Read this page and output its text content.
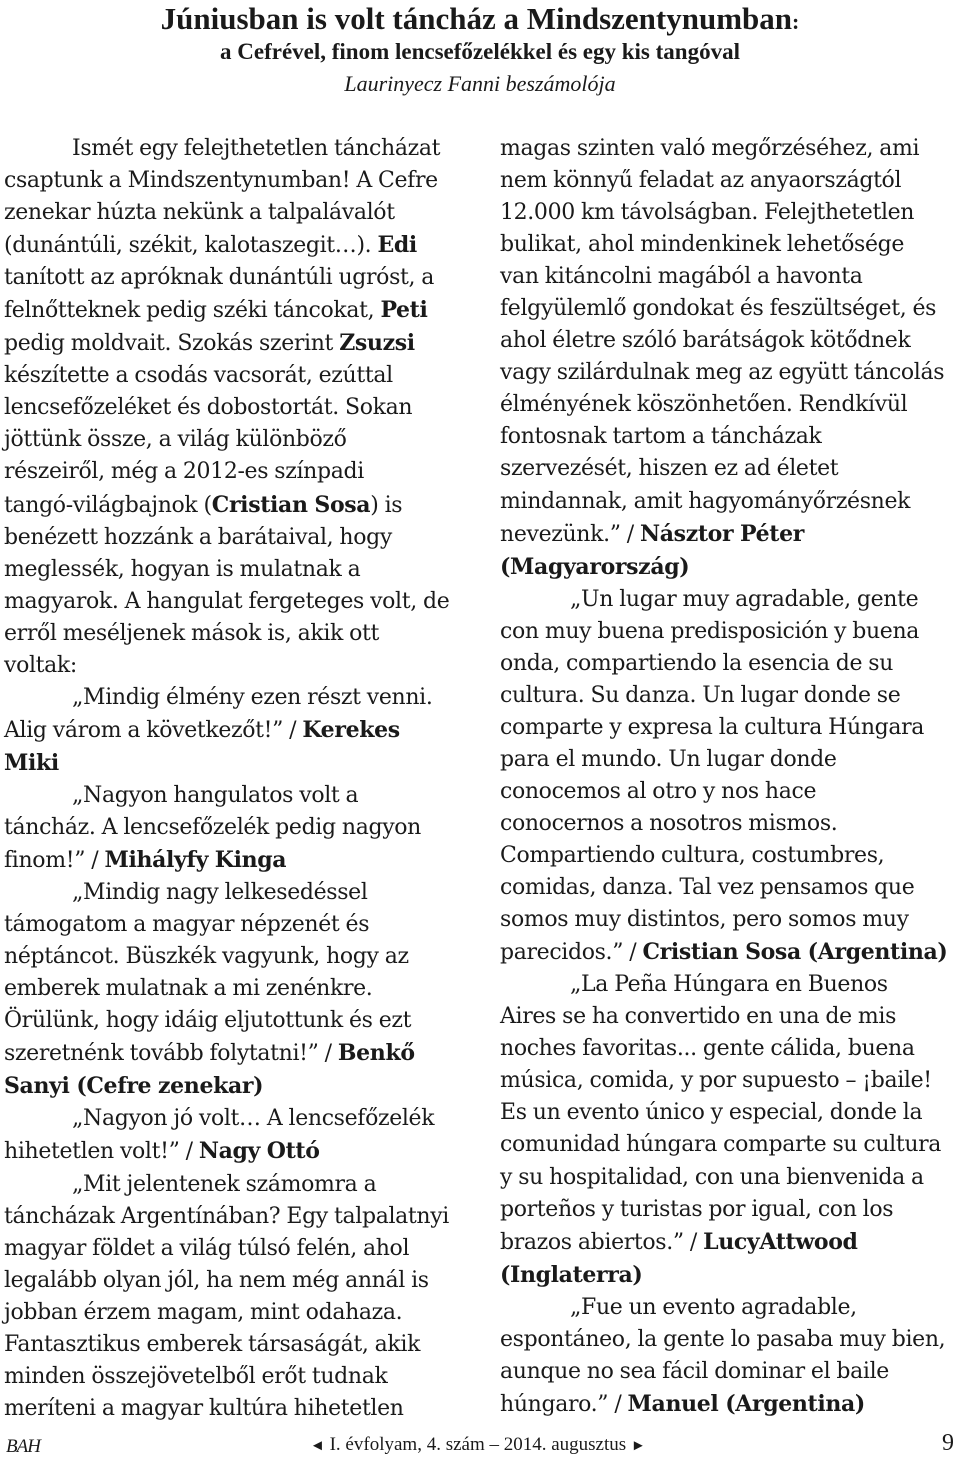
Júniusban is volt táncház a Mindszentynumban:
a Cefrével, finom lencsefőzelékkel és egy kis tangóval
Laurinyecz Fanni beszámolója

Ismét egy felejthetetlen táncházat

csaptunk a Mindszentynumban! A Cefre

zenekar húzta nekünk a talpalávalót

(dunántúli, székit, kalotaszegit…). Edi

tanított az apróknak dunántúli ugróst, a

felnőtteknek pedig széki táncokat, Peti

pedig moldvait. Szokás szerint Zsuzsi

készítette a csodás vacsorát, ezúttal

lencsefőzeléket és dobostortát. Sokan

jöttünk össze, a világ különböző

részeiről, még a 2012-es színpadi

tangó-világbajnok (Cristian Sosa) is

benézett hozzánk a barátaival, hogy

meglessék, hogyan is mulatnak a

magyarok. A hangulat fergeteges volt, de

erről meséljenek mások is, akik ott

voltak:

„Mindig élmény ezen részt venni.

Alig várom a következőt!” / Kerekes

Miki

„Nagyon hangulatos volt a

táncház. A lencsefőzelék pedig nagyon

finom!” / Mihályfy Kinga

„Mindig nagy lelkesedéssel

támogatom a magyar népzenét és

néptáncot. Büszkék vagyunk, hogy az

emberek mulatnak a mi zenénkre.

Örülünk, hogy idáig eljutottunk és ezt

szeretnénk tovább folytatni!” / Benkő

Sanyi (Cefre zenekar)

„Nagyon jó volt… A lencsefőzelék

hihetetlen volt!” / Nagy Ottó

„Mit jelentenek számomra a

táncházak Argentínában? Egy talpalatnyi

magyar földet a világ túlsó felén, ahol

legalább olyan jól, ha nem még annál is

jobban érzem magam, mint odahaza.

Fantasztikus emberek társaságát, akik

minden összejövetelből erőt tudnak

meríteni a magyar kultúra hihetetlen

magas szinten való megőrzéséhez, ami

nem könnyű feladat az anyaországtól

12.000 km távolságban. Felejthetetlen

bulikat, ahol mindenkinek lehetősége

van kitáncolni magából a havonta

felgyülemlő gondokat és feszültséget, és

ahol életre szóló barátságok kötődnek

vagy szilárdulnak meg az együtt táncolás

élményének köszönhetően. Rendkívül

fontosnak tartom a táncházak

szervezését, hiszen ez ad életet

mindannak, amit hagyományőrzésnek

nevezünk.” / Násztor Péter

(Magyarország)

„Un lugar muy agradable, gente

con muy buena predisposición y buena

onda, compartiendo la esencia de su

cultura. Su danza. Un lugar donde se

comparte y expresa la cultura Húngara

para el mundo. Un lugar donde

conocemos al otro y nos hace

conocernos a nosotros mismos.

Compartiendo cultura, costumbres,

comidas, danza. Tal vez pensamos que

somos muy distintos, pero somos muy

parecidos.” / Cristian Sosa (Argentina)

„La Peña Húngara en Buenos

Aires se ha convertido en una de mis

noches favoritas... gente cálida, buena

música, comida, y por supuesto – ¡baile!

Es un evento único y especial, donde la

comunidad húngara comparte su cultura

y su hospitalidad, con una bienvenida a

porteños y turistas por igual, con los

brazos abiertos.” / LucyAttwood

(Inglaterra)

„Fue un evento agradable,

espontáneo, la gente lo pasaba muy bien,

aunque no sea fácil dominar el baile

húngaro.” / Manuel (Argentina)

BAH	◄ I. évfolyam, 4. szám – 2014. augusztus ►	9
